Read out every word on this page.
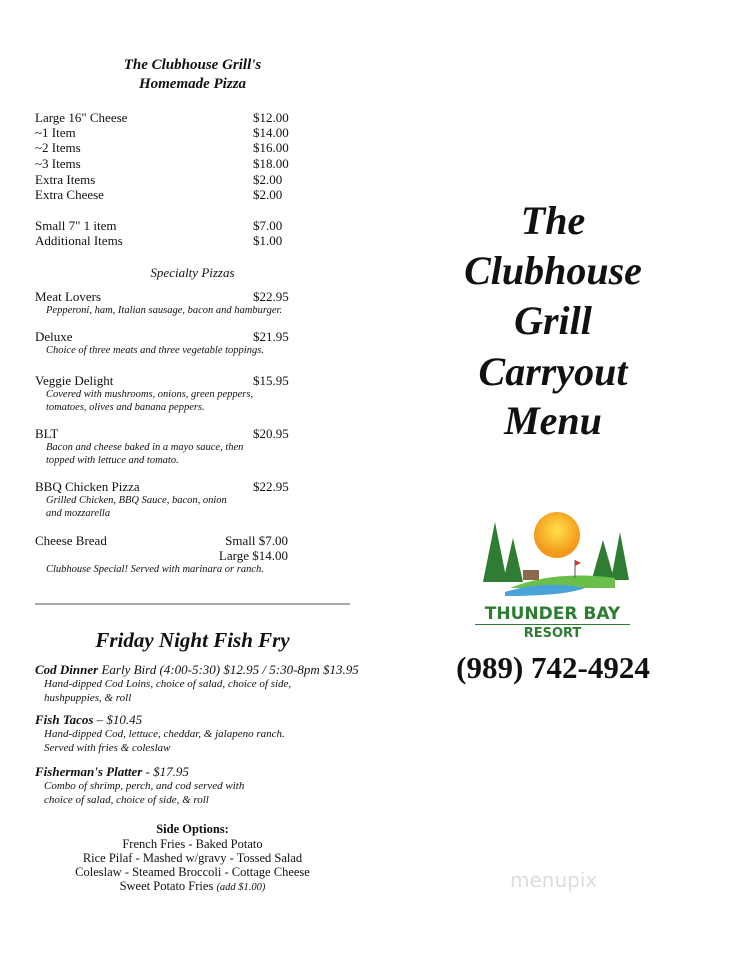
The Clubhouse Grill's
Homemade Pizza
Large 16" Cheese	$12.00
~1 Item	$14.00
~2 Items	$16.00
~3 Items	$18.00
Extra Items	$2.00
Extra Cheese	$2.00
Small 7" 1 item	$7.00
Additional Items	$1.00
Specialty Pizzas
Meat Lovers	$22.95
Pepperoni, ham, Italian sausage, bacon and hamburger.
Deluxe	$21.95
Choice of three meats and three vegetable toppings.
Veggie Delight	$15.95
Covered with mushrooms, onions, green peppers,
tomatoes, olives and banana peppers.
BLT	$20.95
Bacon and cheese baked in a mayo sauce, then
topped with lettuce and tomato.
BBQ Chicken Pizza	$22.95
Grilled Chicken, BBQ Sauce, bacon, onion
and mozzarella
Cheese Bread	Small $7.00
Large $14.00
Clubhouse Special! Served with marinara or ranch.
Friday Night Fish Fry
Cod Dinner Early Bird (4:00-5:30) $12.95 / 5:30-8pm $13.95
Hand-dipped Cod Loins, choice of salad, choice of side,
hushpuppies, & roll
Fish Tacos – $10.45
Hand-dipped Cod, lettuce, cheddar, & jalapeno ranch.
Served with fries & coleslaw
Fisherman's Platter - $17.95
Combo of shrimp, perch, and cod served with
choice of salad, choice of side, & roll
Side Options:
French Fries - Baked Potato
Rice Pilaf - Mashed w/gravy - Tossed Salad
Coleslaw - Steamed Broccoli - Cottage Cheese
Sweet Potato Fries (add $1.00)
The
Clubhouse
Grill
Carryout
Menu
THUNDER BAY
RESORT
(989) 742-4924
menupix
